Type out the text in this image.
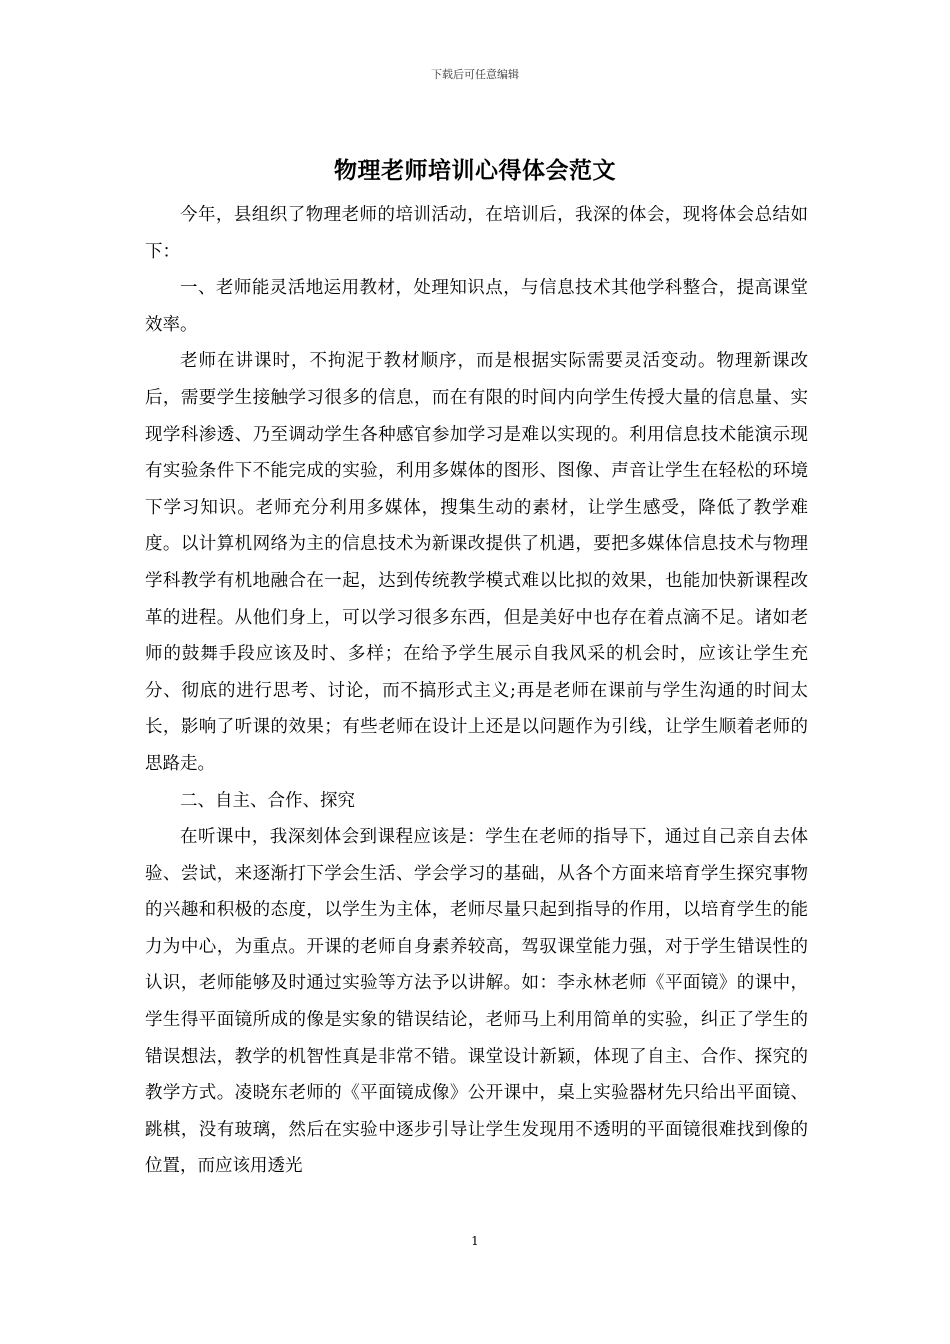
下载后可任意编辑
物理老师培训心得体会范文

今年，县组织了物理老师的培训活动，在培训后，我深的体会，现将体会总结如下：

一、老师能灵活地运用教材，处理知识点，与信息技术其他学科整合，提高课堂效率。

老师在讲课时，不拘泥于教材顺序，而是根据实际需要灵活变动。物理新课改后，需要学生接触学习很多的信息，而在有限的时间内向学生传授大量的信息量、实现学科渗透、乃至调动学生各种感官参加学习是难以实现的。利用信息技术能演示现有实验条件下不能完成的实验，利用多媒体的图形、图像、声音让学生在轻松的环境下学习知识。老师充分利用多媒体，搜集生动的素材，让学生感受，降低了教学难度。以计算机网络为主的信息技术为新课改提供了机遇，要把多媒体信息技术与物理学科教学有机地融合在一起，达到传统教学模式难以比拟的效果，也能加快新课程改革的进程。从他们身上，可以学习很多东西，但是美好中也存在着点滴不足。诸如老师的鼓舞手段应该及时、多样；在给予学生展示自我风采的机会时，应该让学生充分、彻底的进行思考、讨论，而不搞形式主义;再是老师在课前与学生沟通的时间太长，影响了听课的效果；有些老师在设计上还是以问题作为引线，让学生顺着老师的思路走。

二、自主、合作、探究

在听课中，我深刻体会到课程应该是：学生在老师的指导下，通过自己亲自去体验、尝试，来逐渐打下学会生活、学会学习的基础，从各个方面来培育学生探究事物的兴趣和积极的态度，以学生为主体，老师尽量只起到指导的作用，以培育学生的能力为中心，为重点。开课的老师自身素养较高，驾驭课堂能力强，对于学生错误性的认识，老师能够及时通过实验等方法予以讲解。如：李永林老师《平面镜》的课中，学生得平面镜所成的像是实象的错误结论，老师马上利用简单的实验，纠正了学生的错误想法，教学的机智性真是非常不错。课堂设计新颖，体现了自主、合作、探究的教学方式。凌晓东老师的《平面镜成像》公开课中，桌上实验器材先只给出平面镜、跳棋，没有玻璃，然后在实验中逐步引导让学生发现用不透明的平面镜很难找到像的位置，而应该用透光

1
